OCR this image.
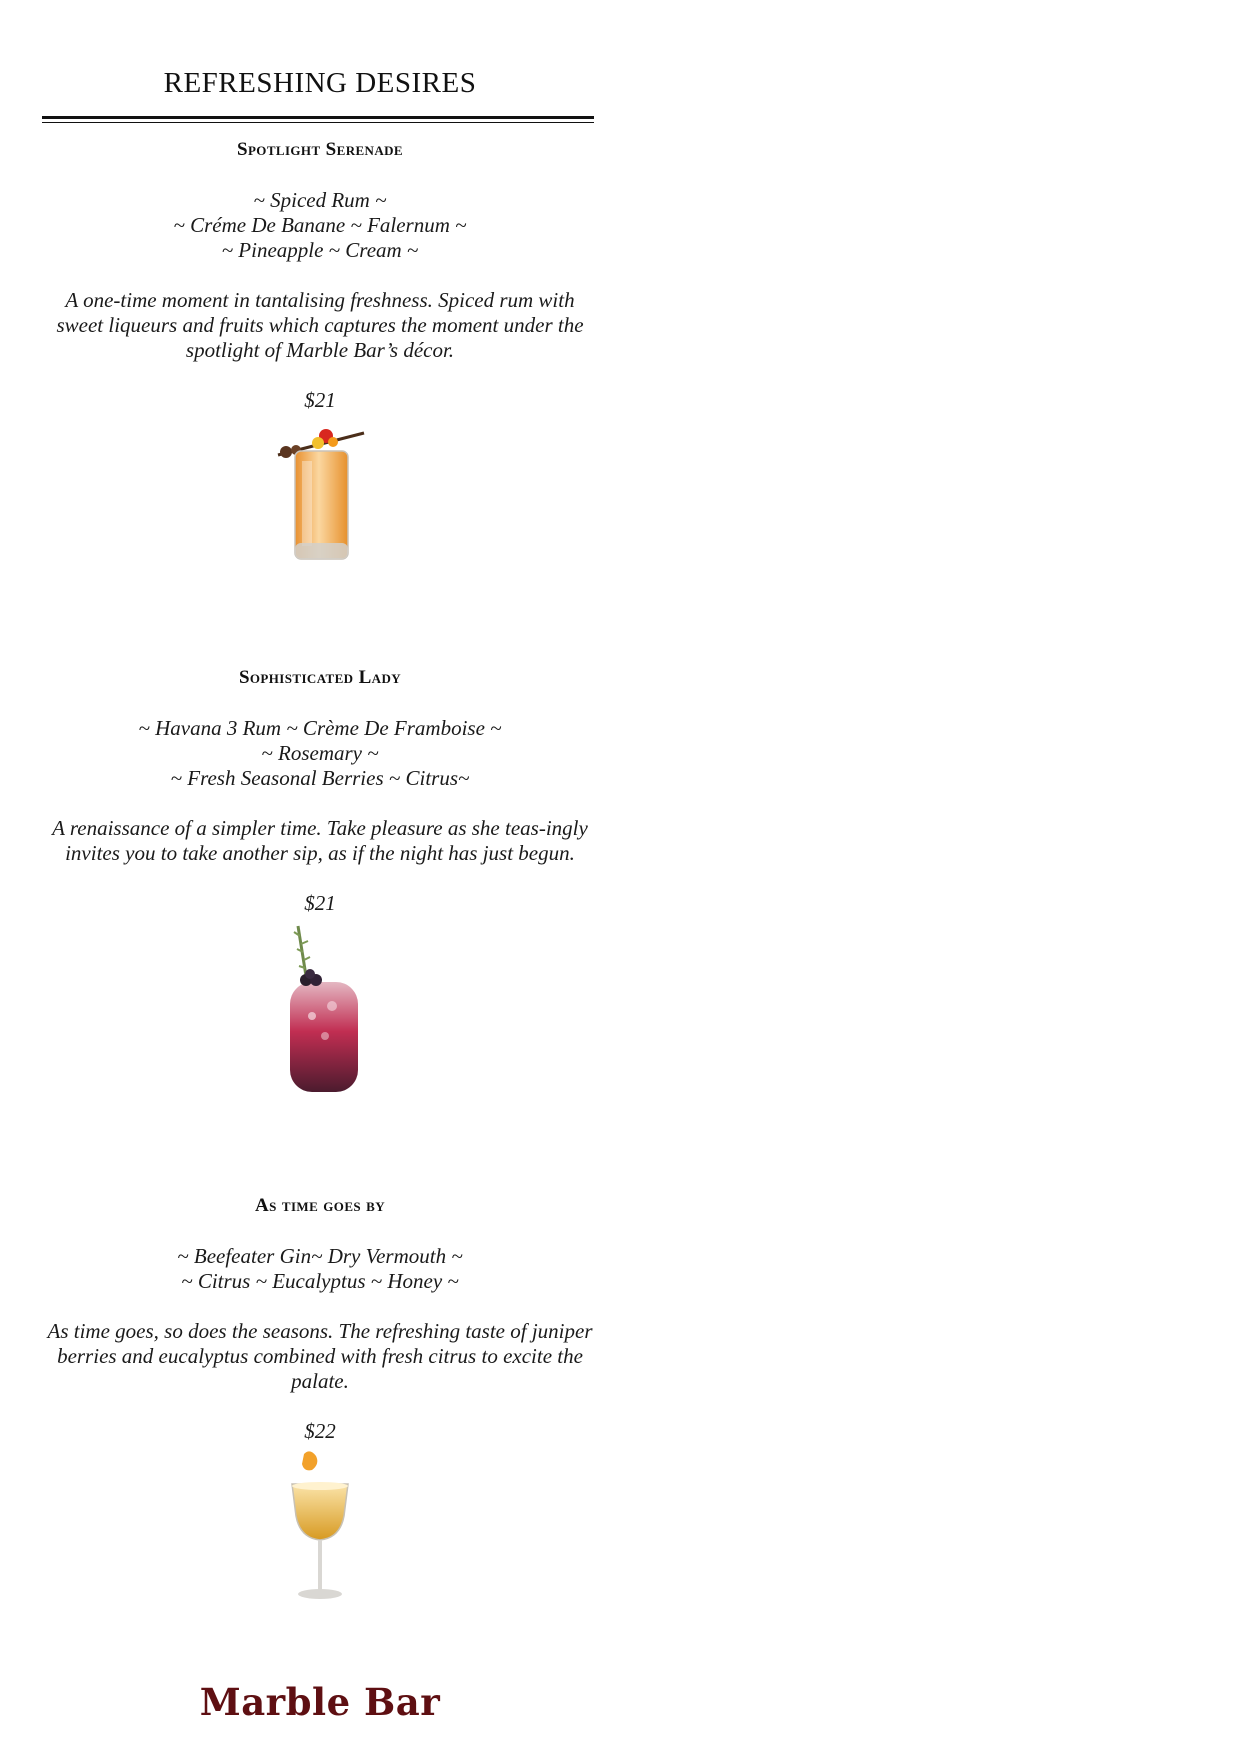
REFRESHING DESIRES
Spotlight Serenade
~ Spiced Rum ~
~ Créme De Banane ~ Falernum ~
~ Pineapple ~ Cream ~
A one-time moment in tantalising freshness. Spiced rum with sweet liqueurs and fruits which captures the moment under the spotlight of Marble Bar’s décor.
$21
Sophisticated Lady
~ Havana 3 Rum ~ Crème De Framboise ~
~ Rosemary ~
~ Fresh Seasonal Berries ~ Citrus~
A renaissance of a simpler time. Take pleasure as she teas-ingly invites you to take another sip, as if the night has just begun.
$21
As time goes by
~ Beefeater Gin~ Dry Vermouth ~
~ Citrus ~ Eucalyptus ~ Honey ~
As time goes, so does the seasons. The refreshing taste of juniper berries and eucalyptus combined with fresh citrus to excite the palate.
$22
Marble Bar
